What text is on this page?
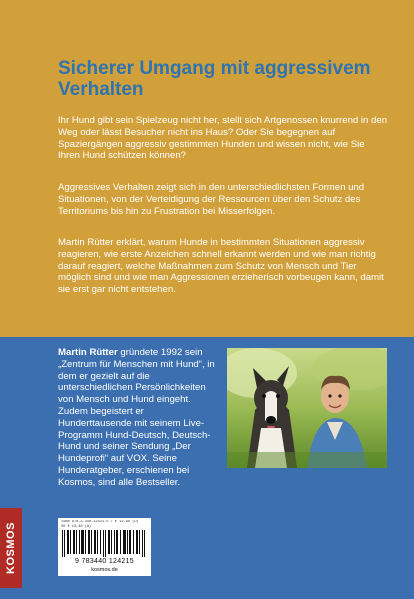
Sicherer Umgang mit aggressivem Verhalten

Ihr Hund gibt sein Spielzeug nicht her, stellt sich Artgenossen knurrend in den Weg oder lässt Besucher nicht ins Haus? Oder Sie begegnen auf Spaziergängen aggressiv gestimmten Hunden und wissen nicht, wie Sie Ihren Hund schützen können?

Aggressives Verhalten zeigt sich in den unterschiedlichsten Formen und Situationen, von der Verteidigung der Ressourcen über den Schutz des Territoriums bis hin zu Frustration bei Misserfolgen.

Martin Rütter erklärt, warum Hunde in bestimmten Situationen aggressiv reagieren, wie erste Anzeichen schnell erkannt werden und wie man richtig darauf reagiert, welche Maßnahmen zum Schutz von Mensch und Tier möglich sind und wie man Aggressionen erzieherisch vorbeugen kann, damit sie erst gar nicht entstehen.

Martin Rütter gründete 1992 sein „Zentrum für Menschen mit Hund“, in dem er gezielt auf die unterschiedlichen Persönlichkeiten von Mensch und Hund eingeht. Zudem begeistert er Hunderttausende mit seinem Live-Programm Hund-Deutsch, Deutsch-Hund und seiner Sendung „Der Hundeprofi“ auf VOX. Seine Hunderatgeber, erschienen bei Kosmos, sind alle Bestseller.

ISBN 978-3-440-12421-5 / € 12,99 (D)
VO € 13,40 (A)
9 783440 124215
kosmos.de
KOSMOS
